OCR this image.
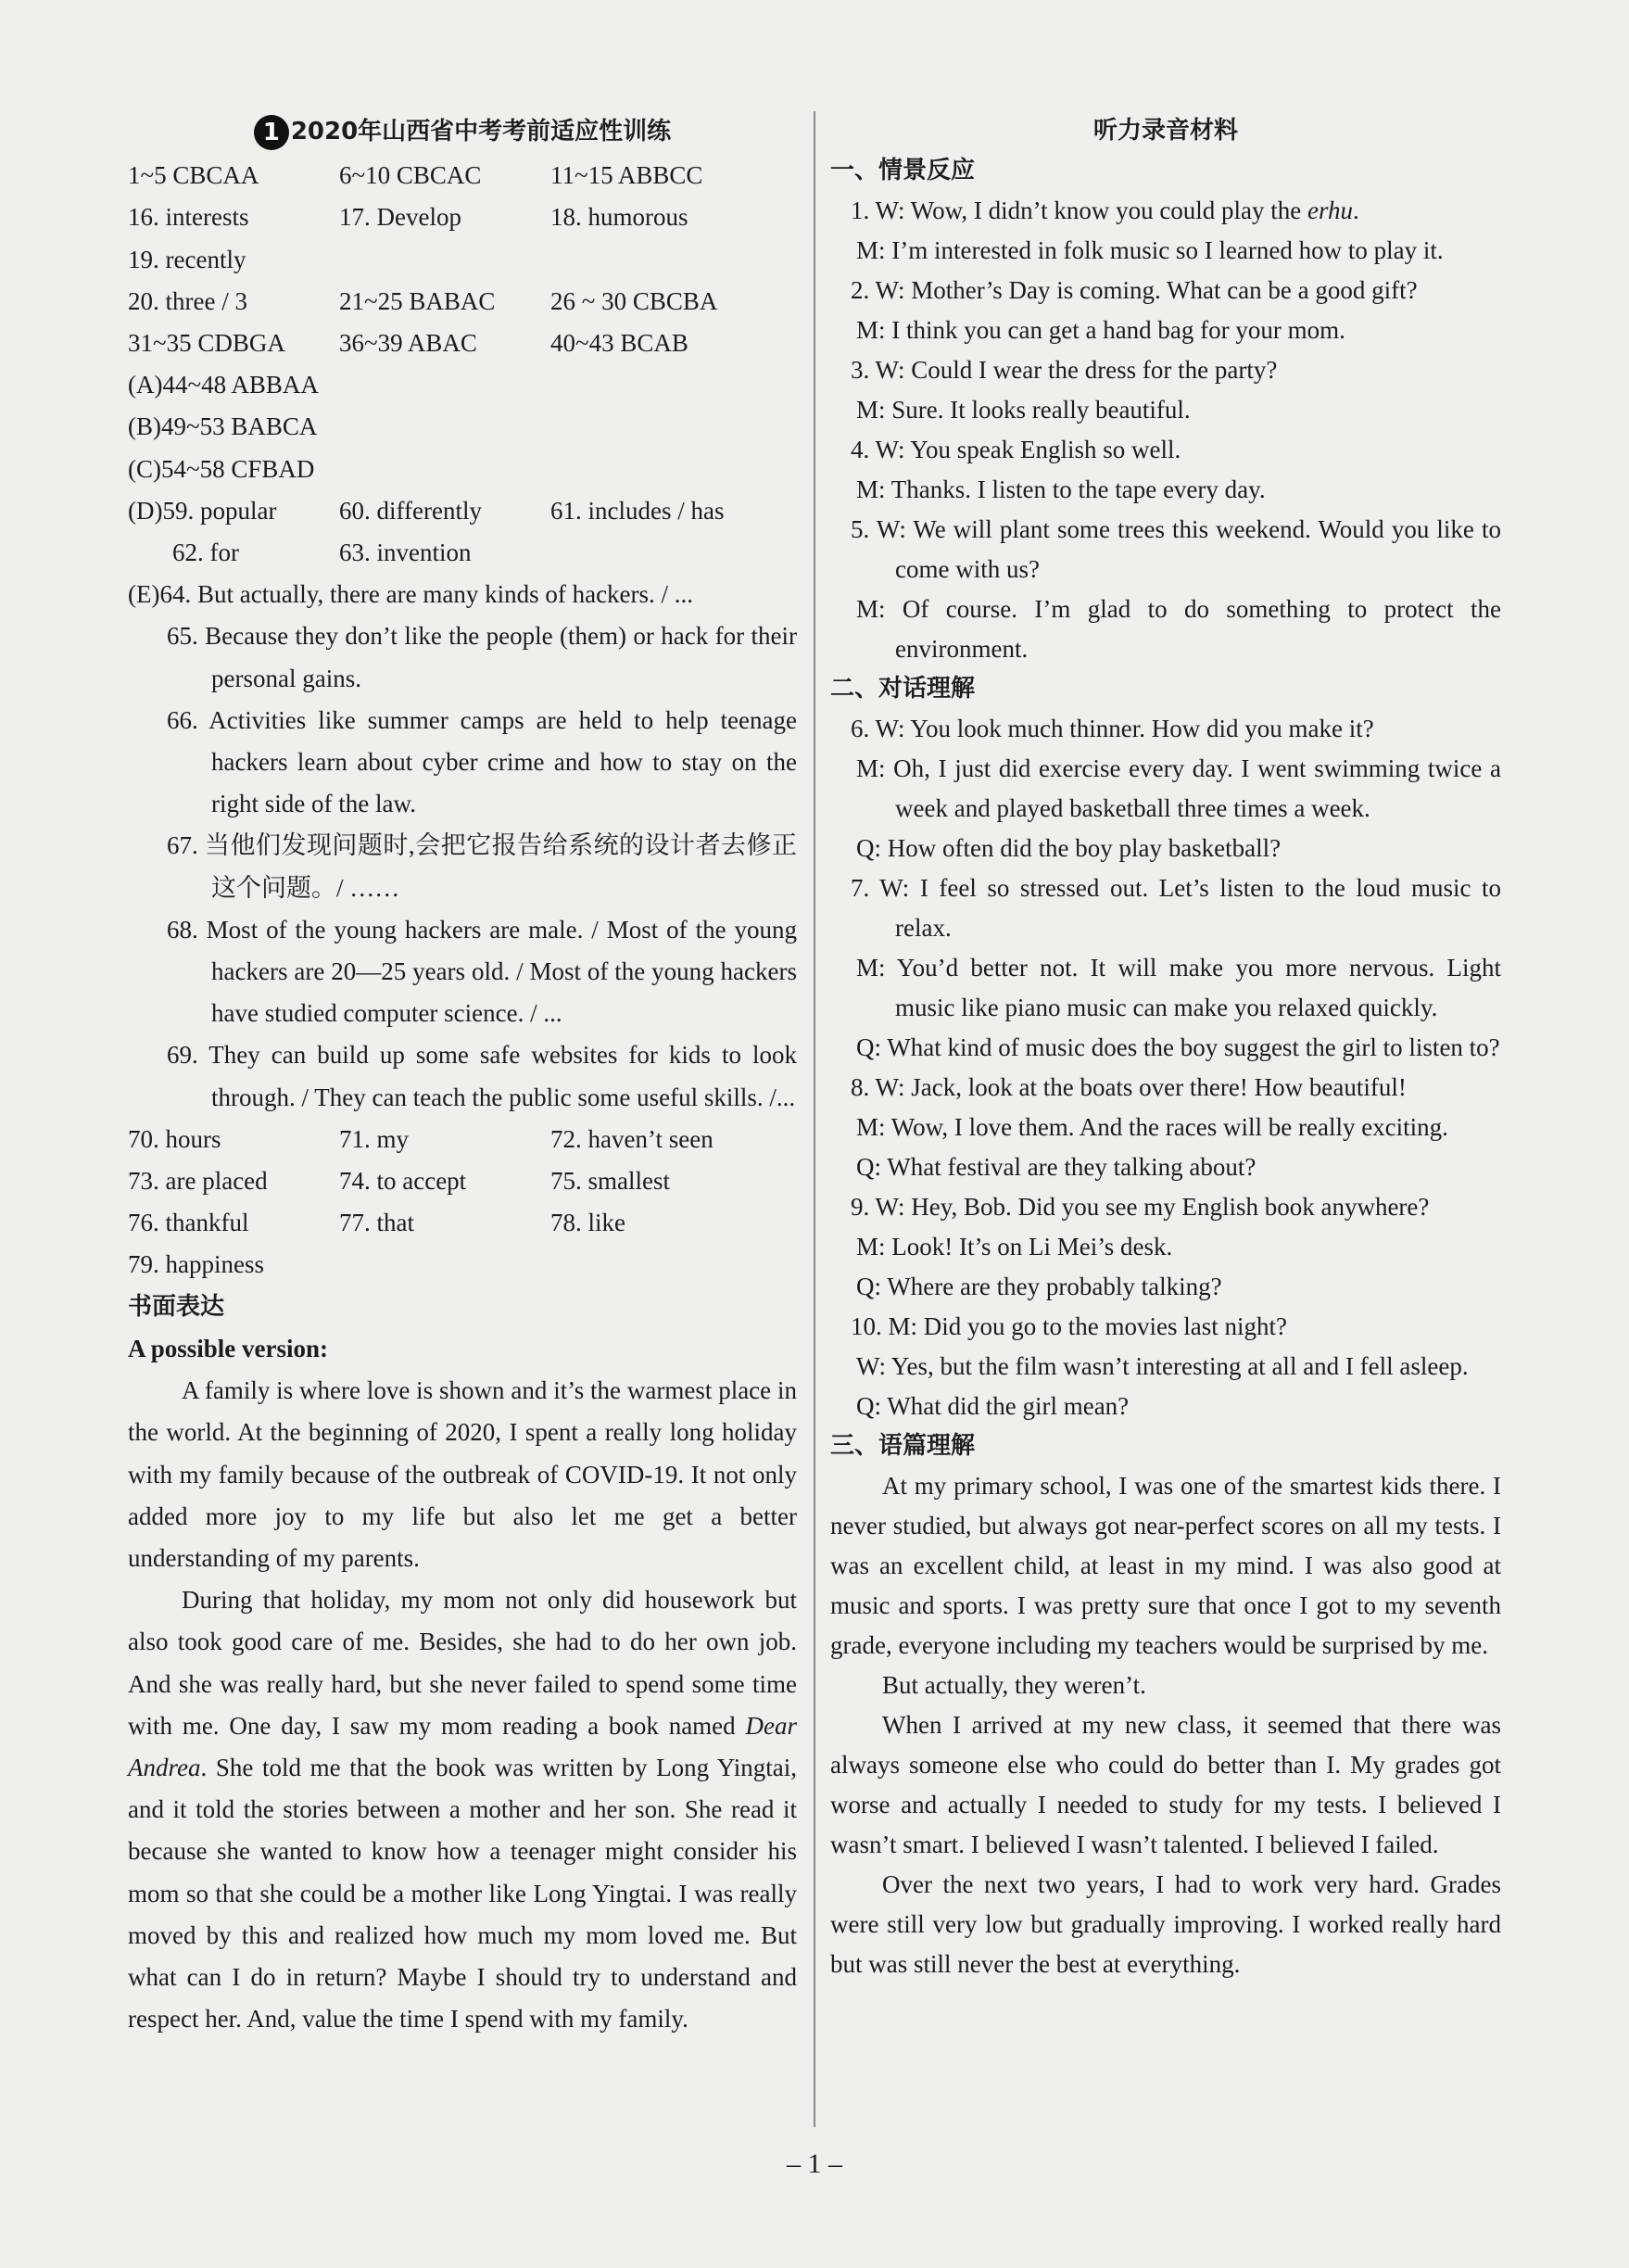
1 2020年山西省中考考前适应性训练
1~5 CBCAA	6~10 CBCAC	11~15 ABBCC
16. interests	17. Develop	18. humorous
19. recently
20. three / 3	21~25 BABAC	26 ~ 30 CBCBA
31~35 CDBGA	36~39 ABAC	40~43 BCAB
(A)44~48 ABBAA
(B)49~53 BABCA
(C)54~58 CFBAD
(D)59. popular	60. differently	61. includes / has
62. for	63. invention
(E)64. But actually, there are many kinds of hackers. / ...
65. Because they don’t like the people (them) or hack for their personal gains.
66. Activities like summer camps are held to help teenage hackers learn about cyber crime and how to stay on the right side of the law.
67. 当他们发现问题时,会把它报告给系统的设计者去修正这个问题。/ ……
68. Most of the young hackers are male. / Most of the young hackers are 20—25 years old. / Most of the young hackers have studied computer science. / ...
69. They can build up some safe websites for kids to look through. / They can teach the public some useful skills. /...
70. hours	71. my	72. haven’t seen
73. are placed	74. to accept	75. smallest
76. thankful	77. that	78. like
79. happiness
书面表达
A possible version:
A family is where love is shown and it’s the warmest place in the world. At the beginning of 2020, I spent a really long holiday with my family because of the outbreak of COVID-19. It not only added more joy to my life but also let me get a better understanding of my parents.
During that holiday, my mom not only did housework but also took good care of me. Besides, she had to do her own job. And she was really hard, but she never failed to spend some time with me. One day, I saw my mom reading a book named Dear Andrea. She told me that the book was written by Long Yingtai, and it told the stories between a mother and her son. She read it because she wanted to know how a teenager might consider his mom so that she could be a mother like Long Yingtai. I was really moved by this and realized how much my mom loved me. But what can I do in return? Maybe I should try to understand and respect her. And, value the time I spend with my family.
听力录音材料
一、情景反应
1. W: Wow, I didn’t know you could play the erhu.
M: I’m interested in folk music so I learned how to play it.
2. W: Mother’s Day is coming. What can be a good gift?
M: I think you can get a hand bag for your mom.
3. W: Could I wear the dress for the party?
M: Sure. It looks really beautiful.
4. W: You speak English so well.
M: Thanks. I listen to the tape every day.
5. W: We will plant some trees this weekend. Would you like to come with us?
M: Of course. I’m glad to do something to protect the environment.
二、对话理解
6. W: You look much thinner. How did you make it?
M: Oh, I just did exercise every day. I went swimming twice a week and played basketball three times a week.
Q: How often did the boy play basketball?
7. W: I feel so stressed out. Let’s listen to the loud music to relax.
M: You’d better not. It will make you more nervous. Light music like piano music can make you relaxed quickly.
Q: What kind of music does the boy suggest the girl to listen to?
8. W: Jack, look at the boats over there! How beautiful!
M: Wow, I love them. And the races will be really exciting.
Q: What festival are they talking about?
9. W: Hey, Bob. Did you see my English book anywhere?
M: Look! It’s on Li Mei’s desk.
Q: Where are they probably talking?
10. M: Did you go to the movies last night?
W: Yes, but the film wasn’t interesting at all and I fell asleep.
Q: What did the girl mean?
三、语篇理解
At my primary school, I was one of the smartest kids there. I never studied, but always got near-perfect scores on all my tests. I was an excellent child, at least in my mind. I was also good at music and sports. I was pretty sure that once I got to my seventh grade, everyone including my teachers would be surprised by me.
But actually, they weren’t.
When I arrived at my new class, it seemed that there was always someone else who could do better than I. My grades got worse and actually I needed to study for my tests. I believed I wasn’t smart. I believed I wasn’t talented. I believed I failed.
Over the next two years, I had to work very hard. Grades were still very low but gradually improving. I worked really hard but was still never the best at everything.
– 1 –
